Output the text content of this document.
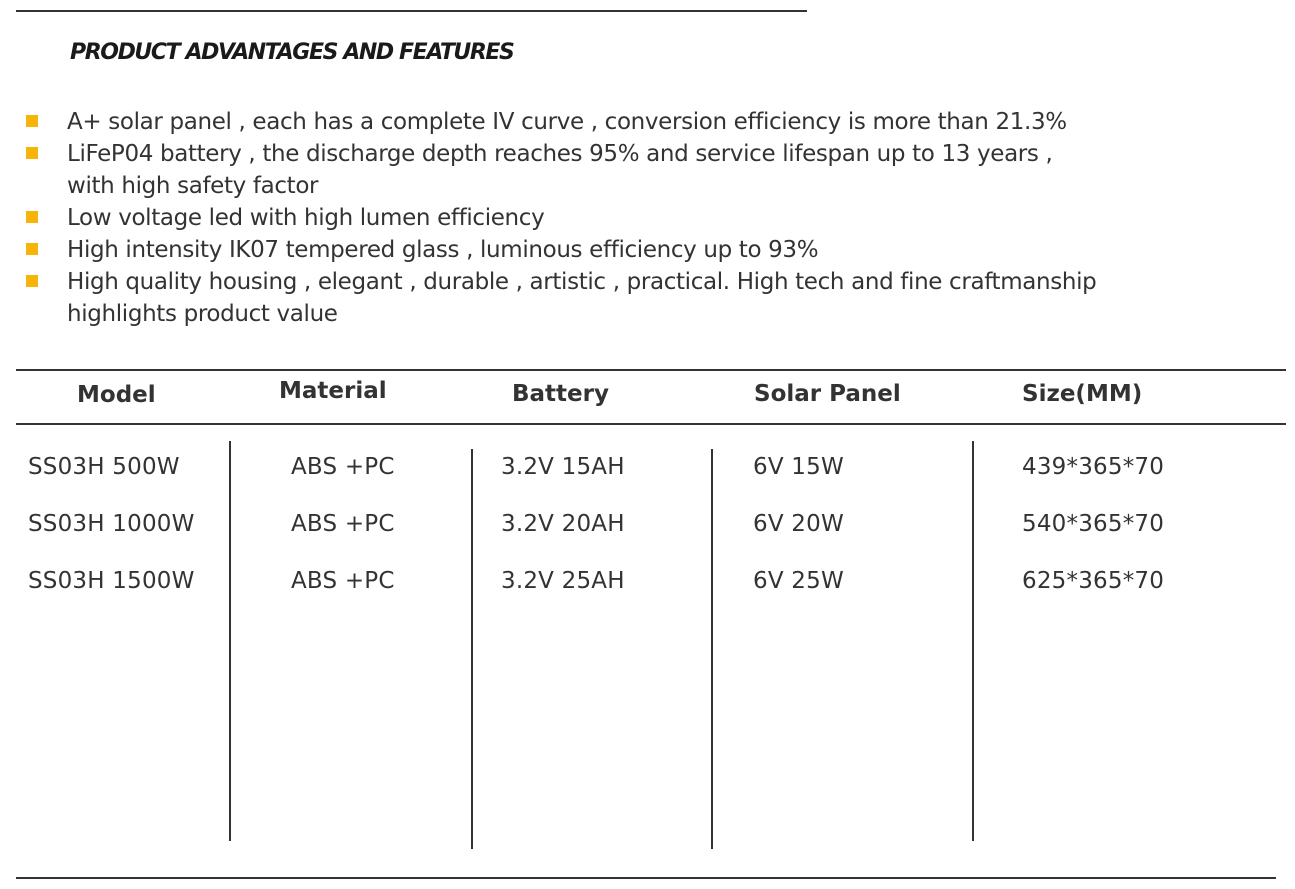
PRODUCT ADVANTAGES AND FEATURES
A+ solar panel , each has a complete IV curve , conversion efficiency is more than 21.3%
LiFeP04 battery , the discharge depth reaches 95% and service lifespan up to 13 years ,
with high safety factor
Low voltage led with high lumen efficiency
High intensity IK07 tempered glass , luminous efficiency up to 93%
High quality housing , elegant , durable , artistic , practical. High tech and fine craftmanship
highlights product value
Model	Material	Battery	Solar Panel	Size(MM)
SS03H 500W	ABS +PC	3.2V 15AH	6V 15W	439*365*70
SS03H 1000W	ABS +PC	3.2V 20AH	6V 20W	540*365*70
SS03H 1500W	ABS +PC	3.2V 25AH	6V 25W	625*365*70
